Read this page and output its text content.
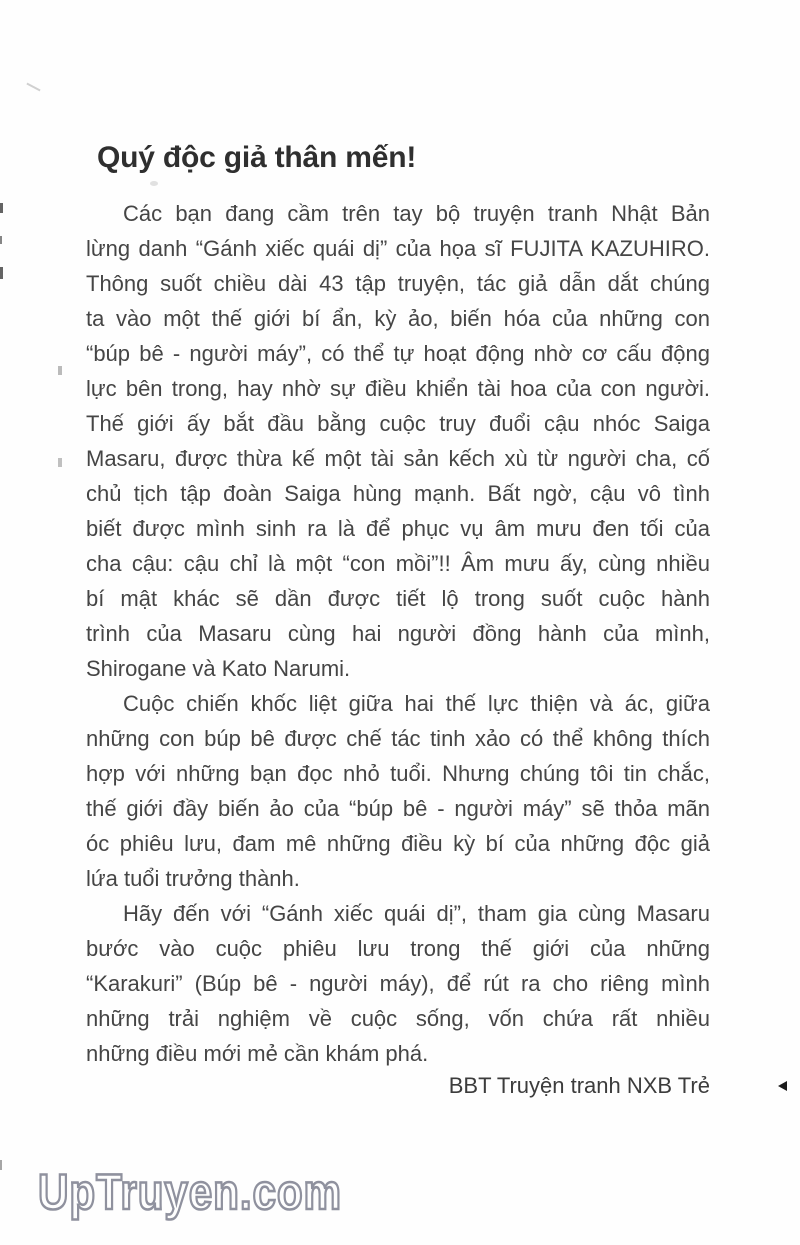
Quý độc giả thân mến!
Các bạn đang cầm trên tay bộ truyện tranh Nhật Bản
lừng danh “Gánh xiếc quái dị” của họa sĩ FUJITA KAZUHIRO.
Thông suốt chiều dài 43 tập truyện, tác giả dẫn dắt chúng
ta vào một thế giới bí ẩn, kỳ ảo, biến hóa của những con
“búp bê - người máy”, có thể tự hoạt động nhờ cơ cấu động
lực bên trong, hay nhờ sự điều khiển tài hoa của con người.
Thế giới ấy bắt đầu bằng cuộc truy đuổi cậu nhóc Saiga
Masaru, được thừa kế một tài sản kếch xù từ người cha, cố
chủ tịch tập đoàn Saiga hùng mạnh. Bất ngờ, cậu vô tình
biết được mình sinh ra là để phục vụ âm mưu đen tối của
cha cậu: cậu chỉ là một “con mồi”!! Âm mưu ấy, cùng nhiều
bí mật khác sẽ dần được tiết lộ trong suốt cuộc hành
trình của Masaru cùng hai người đồng hành của mình,
Shirogane và Kato Narumi.
Cuộc chiến khốc liệt giữa hai thế lực thiện và ác, giữa
những con búp bê được chế tác tinh xảo có thể không thích
hợp với những bạn đọc nhỏ tuổi. Nhưng chúng tôi tin chắc,
thế giới đầy biến ảo của “búp bê - người máy” sẽ thỏa mãn
óc phiêu lưu, đam mê những điều kỳ bí của những độc giả
lứa tuổi trưởng thành.
Hãy đến với “Gánh xiếc quái dị”, tham gia cùng Masaru
bước vào cuộc phiêu lưu trong thế giới của những
“Karakuri” (Búp bê - người máy), để rút ra cho riêng mình
những trải nghiệm về cuộc sống, vốn chứa rất nhiều
những điều mới mẻ cần khám phá.
BBT Truyện tranh NXB Trẻ
UpTruyen.com
